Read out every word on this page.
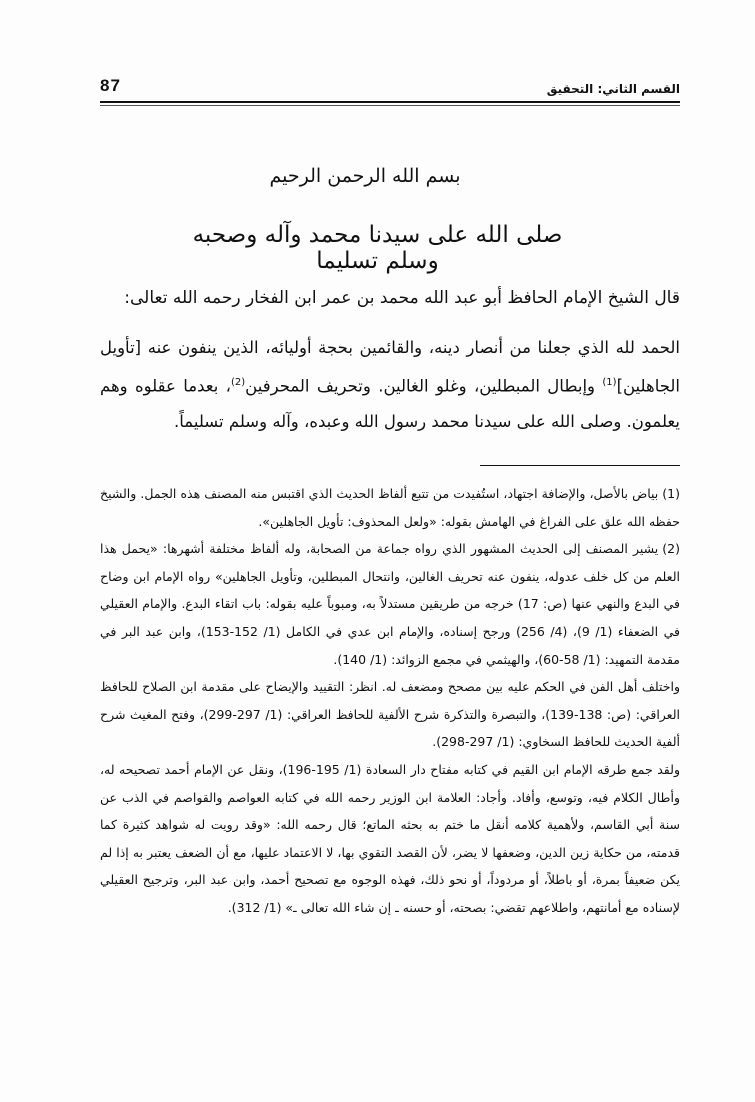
القسم الثاني: التحقيق
87
بسم الله الرحمن الرحيم
صلى الله على سيدنا محمد وآله وصحبه وسلم تسليما
قال الشيخ الإمام الحافظ أبو عبد الله محمد بن عمر ابن الفخار رحمه الله تعالى:
الحمد لله الذي جعلنا من أنصار دينه، والقائمين بحجة أوليائه، الذين ينفون عنه [تأويل الجاهلين]$^{(1)}$ وإبطال المبطلين، وغلو الغالين. وتحريف المحرفين$^{(2)}$، بعدما عقلوه وهم يعلمون. وصلى الله على سيدنا محمد رسول الله وعبده، وآله وسلم تسليماً.

(1)بياض بالأصل، والإضافة اجتهاد، استُفيدت من تتبع ألفاظ الحديث الذي اقتبس منه المصنف هذه الجمل. والشيخ حفظه الله علق على الفراغ في الهامش بقوله: «ولعل المحذوف: تأويل الجاهلين».

(2)يشير المصنف إلى الحديث المشهور الذي رواه جماعة من الصحابة، وله ألفاظ مختلفة أشهرها: «يحمل هذا العلم من كل خلف عدوله، ينفون عنه تحريف الغالين، وانتحال المبطلين، وتأويل الجاهلين» رواه الإمام ابن وضاح في البدع والنهي عنها (ص: 17) خرجه من طريقين مستدلاً به، ومبوباً عليه بقوله: باب اتقاء البدع. والإمام العقيلي في الضعفاء (1/ 9)، (4/ 256) ورجح إسناده، والإمام ابن عدي في الكامل (1/ 152-153)، وابن عبد البر في مقدمة التمهيد: (1/ 58-60)، والهيثمي في مجمع الزوائد: (1/ 140).

واختلف أهل الفن في الحكم عليه بين مصحح ومضعف له. انظر: التقييد والإيضاح على مقدمة ابن الصلاح للحافظ العراقي: (ص: 138-139)، والتبصرة والتذكرة شرح الألفية للحافظ العراقي: (1/ 297-299)، وفتح المغيث شرح ألفية الحديث للحافظ السخاوي: (1/ 297-298).

ولقد جمع طرقه الإمام ابن القيم في كتابه مفتاح دار السعادة (1/ 195-196)، ونقل عن الإمام أحمد تصحيحه له، وأطال الكلام فيه، وتوسع، وأفاد. وأجاد: العلامة ابن الوزير رحمه الله في كتابه العواصم والقواصم في الذب عن سنة أبي القاسم، ولأهمية كلامه أنقل ما ختم به بحثه الماتع؛ قال رحمه الله: «وقد رويت له شواهد كثيرة كما قدمته، من حكاية زين الدين، وضعفها لا يضر، لأن القصد التقوي بها، لا الاعتماد عليها، مع أن الضعف يعتبر به إذا لم يكن ضعيفاً بمرة، أو باطلاً، أو مردوداً، أو نحو ذلك، فهذه الوجوه مع تصحيح أحمد، وابن عبد البر، وترجيح العقيلي لإسناده مع أمانتهم، واطلاعهم تقضي: بصحته، أو حسنه ـ إن شاء الله تعالى ـ» (1/ 312).
